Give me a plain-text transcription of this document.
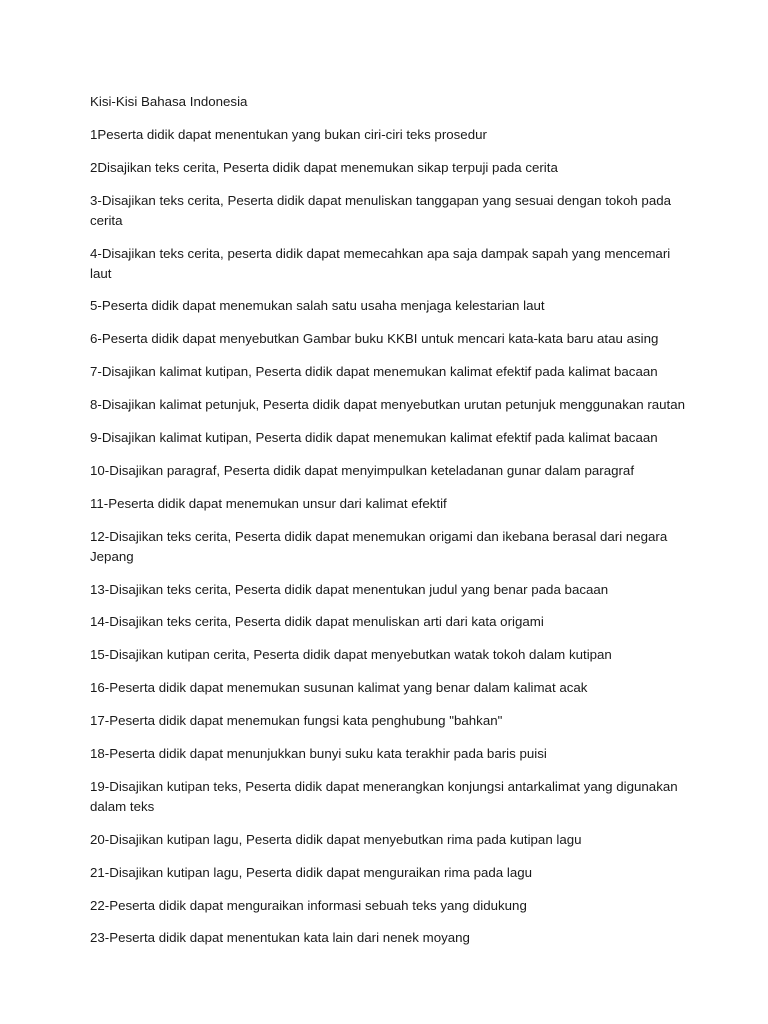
Kisi-Kisi Bahasa Indonesia

1Peserta didik dapat menentukan yang bukan ciri-ciri teks prosedur

2Disajikan teks cerita, Peserta didik dapat menemukan sikap terpuji pada cerita

3-Disajikan teks cerita, Peserta didik dapat menuliskan tanggapan yang sesuai dengan tokoh pada cerita

4-Disajikan teks cerita, peserta didik dapat memecahkan apa saja dampak sapah yang mencemari laut

5-Peserta didik dapat menemukan salah satu usaha menjaga kelestarian laut

6-Peserta didik dapat menyebutkan Gambar buku KKBI untuk mencari kata-kata baru atau asing

7-Disajikan kalimat kutipan, Peserta didik dapat menemukan kalimat efektif pada kalimat bacaan

8-Disajikan kalimat petunjuk, Peserta didik dapat menyebutkan urutan petunjuk menggunakan rautan

9-Disajikan kalimat kutipan, Peserta didik dapat menemukan kalimat efektif pada kalimat bacaan

10-Disajikan paragraf, Peserta didik dapat menyimpulkan keteladanan gunar dalam paragraf

11-Peserta didik dapat menemukan unsur dari kalimat efektif

12-Disajikan teks cerita, Peserta didik dapat menemukan origami dan ikebana berasal dari negara Jepang

13-Disajikan teks cerita, Peserta didik dapat menentukan judul yang benar pada bacaan

14-Disajikan teks cerita, Peserta didik dapat menuliskan arti dari kata origami

15-Disajikan kutipan cerita, Peserta didik dapat menyebutkan watak tokoh dalam kutipan

16-Peserta didik dapat menemukan susunan kalimat yang benar dalam kalimat acak

17-Peserta didik dapat menemukan fungsi kata penghubung "bahkan"

18-Peserta didik dapat menunjukkan bunyi suku kata terakhir pada baris puisi

19-Disajikan kutipan teks, Peserta didik dapat menerangkan konjungsi antarkalimat yang digunakan dalam teks

20-Disajikan kutipan lagu, Peserta didik dapat menyebutkan rima pada kutipan lagu

21-Disajikan kutipan lagu, Peserta didik dapat menguraikan rima pada lagu

22-Peserta didik dapat menguraikan informasi sebuah teks yang didukung

23-Peserta didik dapat menentukan kata lain dari nenek moyang
